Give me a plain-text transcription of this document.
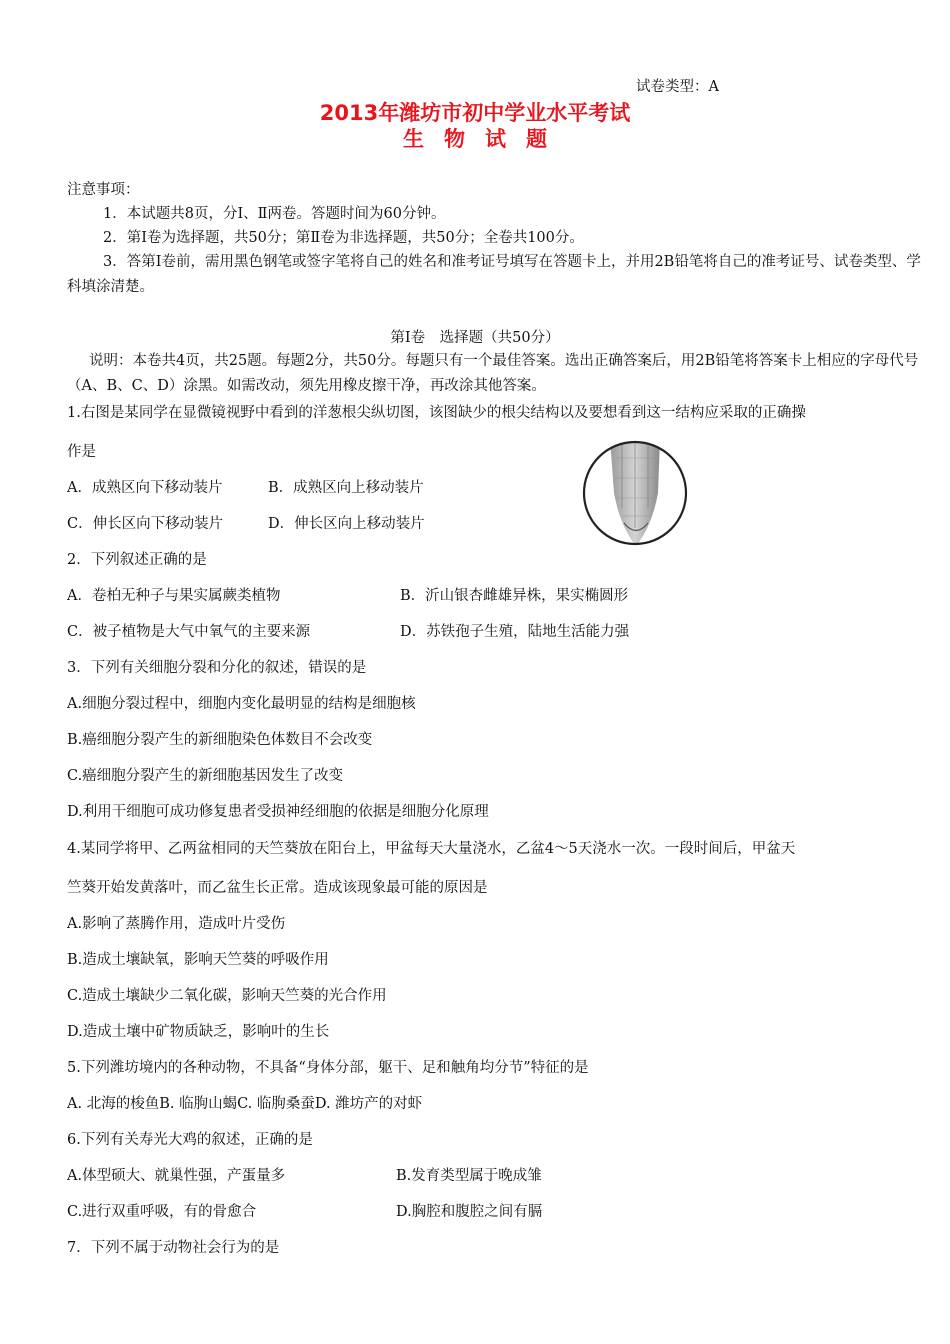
试卷类型：A
2013年潍坊市初中学业水平考试
生物试题
注意事项：
1．本试题共8页，分Ⅰ、Ⅱ两卷。答题时间为60分钟。
2．第Ⅰ卷为选择题，共50分；第Ⅱ卷为非选择题，共50分；全卷共100分。
3．答第Ⅰ卷前，需用黑色钢笔或签字笔将自己的姓名和准考证号填写在答题卡上，并用2B铅笔将自己的准考证号、试卷类型、学科填涂清楚。
第Ⅰ卷　选择题（共50分）
说明：本卷共4页，共25题。每题2分，共50分。每题只有一个最佳答案。选出正确答案后，用2B铅笔将答案卡上相应的字母代号（A、B、C、D）涂黑。如需改动，须先用橡皮擦干净，再改涂其他答案。
1.右图是某同学在显微镜视野中看到的洋葱根尖纵切图，该图缺少的根尖结构以及要想看到这一结构应采取的正确操
作是
A．成熟区向下移动装片	B．成熟区向上移动装片
C．伸长区向下移动装片	D．伸长区向上移动装片
2．下列叙述正确的是
A．卷柏无种子与果实属蕨类植物	B．沂山银杏雌雄异株，果实椭圆形
C．被子植物是大气中氧气的主要来源	D．苏铁孢子生殖，陆地生活能力强
3．下列有关细胞分裂和分化的叙述，错误的是
A.细胞分裂过程中，细胞内变化最明显的结构是细胞核
B.癌细胞分裂产生的新细胞染色体数目不会改变
C.癌细胞分裂产生的新细胞基因发生了改变
D.利用干细胞可成功修复患者受损神经细胞的依据是细胞分化原理
4.某同学将甲、乙两盆相同的天竺葵放在阳台上，甲盆每天大量浇水，乙盆4～5天浇水一次。一段时间后，甲盆天
竺葵开始发黄落叶，而乙盆生长正常。造成该现象最可能的原因是
A.影响了蒸腾作用，造成叶片受伤
B.造成土壤缺氧，影响天竺葵的呼吸作用
C.造成土壤缺少二氧化碳，影响天竺葵的光合作用
D.造成土壤中矿物质缺乏，影响叶的生长
5.下列潍坊境内的各种动物，不具备“身体分部，躯干、足和触角均分节”特征的是
A. 北海的梭鱼B. 临朐山蝎C. 临朐桑蚕D. 潍坊产的对虾
6.下列有关寿光大鸡的叙述，正确的是
A.体型硕大、就巢性强，产蛋量多	B.发育类型属于晚成雏
C.进行双重呼吸，有的骨愈合	D.胸腔和腹腔之间有膈
7．下列不属于动物社会行为的是
